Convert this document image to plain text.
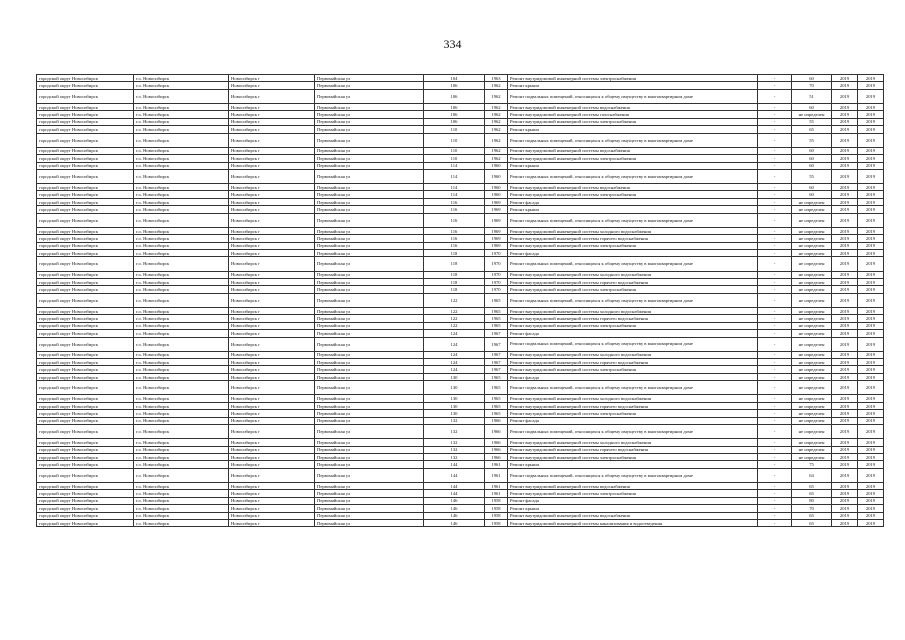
334
городской округ Новосибирск	г.о. Новосибирск	Новосибирск г	Первомайская ул	104	1963	Ремонт внутридомовой инженерной системы электроснабжения	-	60	2019	2019
городской округ Новосибирск	г.о. Новосибирск	Новосибирск г	Первомайская ул	106	1962	Ремонт крыши	-	70	2019	2019
городской округ Новосибирск	г.о. Новосибирск	Новосибирск г	Первомайская ул	106	1962	Ремонт подвальных помещений, относящихся к общему имуществу в многоквартирном доме	-	51	2019	2019
городской округ Новосибирск	г.о. Новосибирск	Новосибирск г	Первомайская ул	106	1962	Ремонт внутридомовой инженерной системы водоснабжения	-	60	2019	2019
городской округ Новосибирск	г.о. Новосибирск	Новосибирск г	Первомайская ул	106	1962	Ремонт внутридомовой инженерной системы газоснабжения	-	не определен	2019	2019
городской округ Новосибирск	г.о. Новосибирск	Новосибирск г	Первомайская ул	106	1962	Ремонт внутридомовой инженерной системы электроснабжения	-	55	2019	2019
городской округ Новосибирск	г.о. Новосибирск	Новосибирск г	Первомайская ул	110	1962	Ремонт крыши	-	65	2019	2019
городской округ Новосибирск	г.о. Новосибирск	Новосибирск г	Первомайская ул	110	1962	Ремонт подвальных помещений, относящихся к общему имуществу в многоквартирном доме	-	55	2019	2019
городской округ Новосибирск	г.о. Новосибирск	Новосибирск г	Первомайская ул	110	1962	Ремонт внутридомовой инженерной системы водоснабжения	-	60	2019	2019
городской округ Новосибирск	г.о. Новосибирск	Новосибирск г	Первомайская ул	110	1962	Ремонт внутридомовой инженерной системы электроснабжения	-	60	2019	2019
городской округ Новосибирск	г.о. Новосибирск	Новосибирск г	Первомайская ул	114	1960	Ремонт крыши	-	60	2019	2019
городской округ Новосибирск	г.о. Новосибирск	Новосибирск г	Первомайская ул	114	1960	Ремонт подвальных помещений, относящихся к общему имуществу в многоквартирном доме	-	55	2019	2019
городской округ Новосибирск	г.о. Новосибирск	Новосибирск г	Первомайская ул	114	1960	Ремонт внутридомовой инженерной системы водоснабжения	-	60	2019	2019
городской округ Новосибирск	г.о. Новосибирск	Новосибирск г	Первомайская ул	114	1960	Ремонт внутридомовой инженерной системы электроснабжения	-	60	2019	2019
городской округ Новосибирск	г.о. Новосибирск	Новосибирск г	Первомайская ул	116	1969	Ремонт фасада	-	не определен	2019	2019
городской округ Новосибирск	г.о. Новосибирск	Новосибирск г	Первомайская ул	116	1969	Ремонт крыши	-	не определен	2019	2019
городской округ Новосибирск	г.о. Новосибирск	Новосибирск г	Первомайская ул	116	1969	Ремонт подвальных помещений, относящихся к общему имуществу в многоквартирном доме	-	не определен	2019	2019
городской округ Новосибирск	г.о. Новосибирск	Новосибирск г	Первомайская ул	116	1969	Ремонт внутридомовой инженерной системы холодного водоснабжения	-	не определен	2019	2019
городской округ Новосибирск	г.о. Новосибирск	Новосибирск г	Первомайская ул	116	1969	Ремонт внутридомовой инженерной системы горячего водоснабжения	-	не определен	2019	2019
городской округ Новосибирск	г.о. Новосибирск	Новосибирск г	Первомайская ул	116	1969	Ремонт внутридомовой инженерной системы электроснабжения	-	не определен	2019	2019
городской округ Новосибирск	г.о. Новосибирск	Новосибирск г	Первомайская ул	118	1970	Ремонт фасада	-	не определен	2019	2019
городской округ Новосибирск	г.о. Новосибирск	Новосибирск г	Первомайская ул	118	1970	Ремонт подвальных помещений, относящихся к общему имуществу в многоквартирном доме	-	не определен	2019	2019
городской округ Новосибирск	г.о. Новосибирск	Новосибирск г	Первомайская ул	118	1970	Ремонт внутридомовой инженерной системы холодного водоснабжения	-	не определен	2019	2019
городской округ Новосибирск	г.о. Новосибирск	Новосибирск г	Первомайская ул	118	1970	Ремонт внутридомовой инженерной системы горячего водоснабжения	-	не определен	2019	2019
городской округ Новосибирск	г.о. Новосибирск	Новосибирск г	Первомайская ул	118	1970	Ремонт внутридомовой инженерной системы электроснабжения	-	не определен	2019	2019
городской округ Новосибирск	г.о. Новосибирск	Новосибирск г	Первомайская ул	122	1965	Ремонт подвальных помещений, относящихся к общему имуществу в многоквартирном доме	-	не определен	2019	2019
городской округ Новосибирск	г.о. Новосибирск	Новосибирск г	Первомайская ул	122	1965	Ремонт внутридомовой инженерной системы холодного водоснабжения	-	не определен	2019	2019
городской округ Новосибирск	г.о. Новосибирск	Новосибирск г	Первомайская ул	122	1965	Ремонт внутридомовой инженерной системы горячего водоснабжения	-	не определен	2019	2019
городской округ Новосибирск	г.о. Новосибирск	Новосибирск г	Первомайская ул	122	1965	Ремонт внутридомовой инженерной системы электроснабжения	-	не определен	2019	2019
городской округ Новосибирск	г.о. Новосибирск	Новосибирск г	Первомайская ул	124	1967	Ремонт фасада	-	не определен	2019	2019
городской округ Новосибирск	г.о. Новосибирск	Новосибирск г	Первомайская ул	124	1967	Ремонт подвальных помещений, относящихся к общему имуществу в многоквартирном доме	-	не определен	2019	2019
городской округ Новосибирск	г.о. Новосибирск	Новосибирск г	Первомайская ул	124	1967	Ремонт внутридомовой инженерной системы холодного водоснабжения	-	не определен	2019	2019
городской округ Новосибирск	г.о. Новосибирск	Новосибирск г	Первомайская ул	124	1967	Ремонт внутридомовой инженерной системы горячего водоснабжения	-	не определен	2019	2019
городской округ Новосибирск	г.о. Новосибирск	Новосибирск г	Первомайская ул	124	1967	Ремонт внутридомовой инженерной системы электроснабжения	-	не определен	2019	2019
городской округ Новосибирск	г.о. Новосибирск	Новосибирск г	Первомайская ул	130	1965	Ремонт фасада	-	не определен	2019	2019
городской округ Новосибирск	г.о. Новосибирск	Новосибирск г	Первомайская ул	130	1965	Ремонт подвальных помещений, относящихся к общему имуществу в многоквартирном доме	-	не определен	2019	2019
городской округ Новосибирск	г.о. Новосибирск	Новосибирск г	Первомайская ул	130	1965	Ремонт внутридомовой инженерной системы холодного водоснабжения	-	не определен	2019	2019
городской округ Новосибирск	г.о. Новосибирск	Новосибирск г	Первомайская ул	130	1965	Ремонт внутридомовой инженерной системы горячего водоснабжения	-	не определен	2019	2019
городской округ Новосибирск	г.о. Новосибирск	Новосибирск г	Первомайская ул	130	1965	Ремонт внутридомовой инженерной системы электроснабжения	-	не определен	2019	2019
городской округ Новосибирск	г.о. Новосибирск	Новосибирск г	Первомайская ул	132	1966	Ремонт фасада	-	не определен	2019	2019
городской округ Новосибирск	г.о. Новосибирск	Новосибирск г	Первомайская ул	132	1966	Ремонт подвальных помещений, относящихся к общему имуществу в многоквартирном доме	-	не определен	2019	2019
городской округ Новосибирск	г.о. Новосибирск	Новосибирск г	Первомайская ул	132	1966	Ремонт внутридомовой инженерной системы холодного водоснабжения	-	не определен	2019	2019
городской округ Новосибирск	г.о. Новосибирск	Новосибирск г	Первомайская ул	132	1966	Ремонт внутридомовой инженерной системы горячего водоснабжения	-	не определен	2019	2019
городской округ Новосибирск	г.о. Новосибирск	Новосибирск г	Первомайская ул	132	1966	Ремонт внутридомовой инженерной системы электроснабжения	-	не определен	2019	2019
городской округ Новосибирск	г.о. Новосибирск	Новосибирск г	Первомайская ул	144	1961	Ремонт крыши	-	75	2019	2019
городской округ Новосибирск	г.о. Новосибирск	Новосибирск г	Первомайская ул	144	1961	Ремонт подвальных помещений, относящихся к общему имуществу в многоквартирном доме	-	64	2019	2019
городской округ Новосибирск	г.о. Новосибирск	Новосибирск г	Первомайская ул	144	1961	Ремонт внутридомовой инженерной системы водоснабжения	-	65	2019	2019
городской округ Новосибирск	г.о. Новосибирск	Новосибирск г	Первомайская ул	144	1961	Ремонт внутридомовой инженерной системы электроснабжения	-	65	2019	2019
городской округ Новосибирск	г.о. Новосибирск	Новосибирск г	Первомайская ул	146	1958	Ремонт фасада	-	80	2019	2019
городской округ Новосибирск	г.о. Новосибирск	Новосибирск г	Первомайская ул	146	1958	Ремонт крыши	-	70	2019	2019
городской округ Новосибирск	г.о. Новосибирск	Новосибирск г	Первомайская ул	146	1958	Ремонт внутридомовой инженерной системы водоснабжения	-	65	2019	2019
городской округ Новосибирск	г.о. Новосибирск	Новосибирск г	Первомайская ул	146	1958	Ремонт внутридомовой инженерной системы канализования и водоотведения	-	65	2019	2019
